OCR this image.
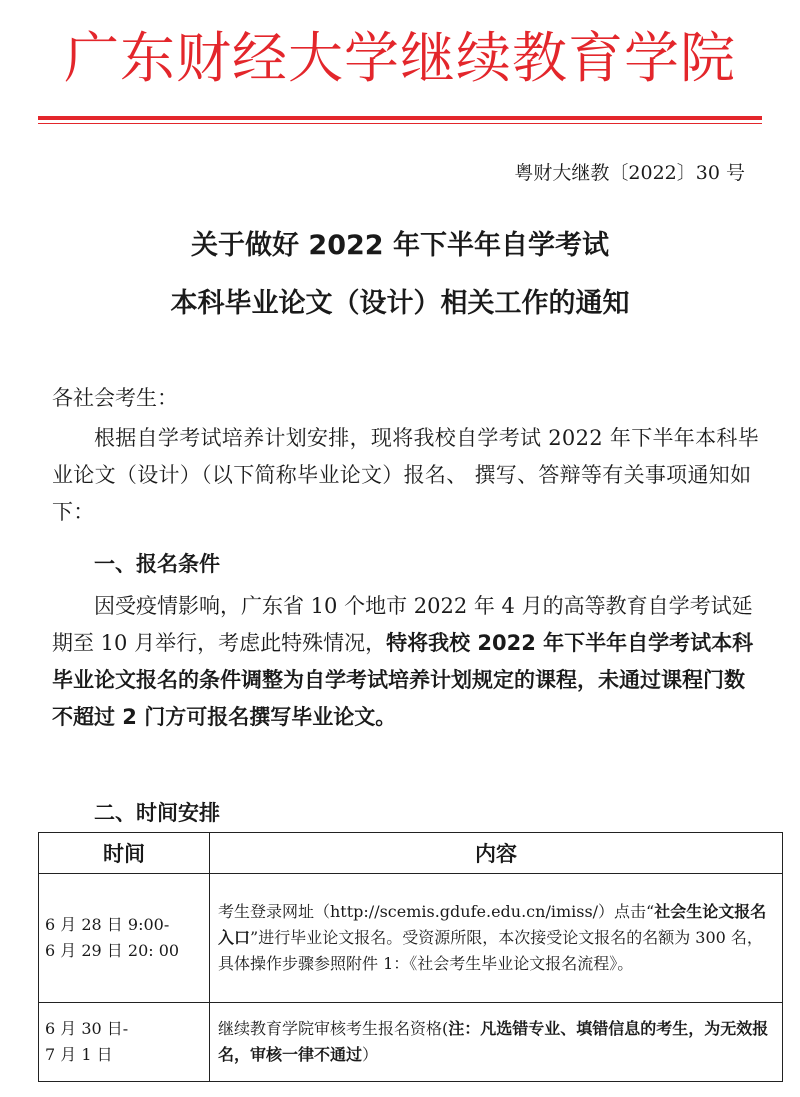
广东财经大学继续教育学院
粤财大继教〔2022〕30 号
关于做好 2022 年下半年自学考试
本科毕业论文（设计）相关工作的通知
各社会考生：
根据自学考试培养计划安排，现将我校自学考试 2022 年下半年本科毕业论文（设计）（以下简称毕业论文）报名、 撰写、答辩等有关事项通知如下：
一、报名条件
因受疫情影响，广东省 10 个地市 2022 年 4 月的高等教育自学考试延期至 10 月举行，考虑此特殊情况，特将我校 2022 年下半年自学考试本科毕业论文报名的条件调整为自学考试培养计划规定的课程，未通过课程门数不超过 2 门方可报名撰写毕业论文。
二、时间安排
时间	内容

6 月 28 日 9:00-
6 月 29 日 20: 00	考生登录网址（http://scemis.gdufe.edu.cn/imiss/）点击“社会生论文报名入口”进行毕业论文报名。受资源所限，本次接受论文报名的名额为 300 名，具体操作步骤参照附件 1：《社会考生毕业论文报名流程》。

6 月 30 日-
7 月 1 日	继续教育学院审核考生报名资格(注：凡选错专业、填错信息的考生，为无效报名，审核一律不通过）
